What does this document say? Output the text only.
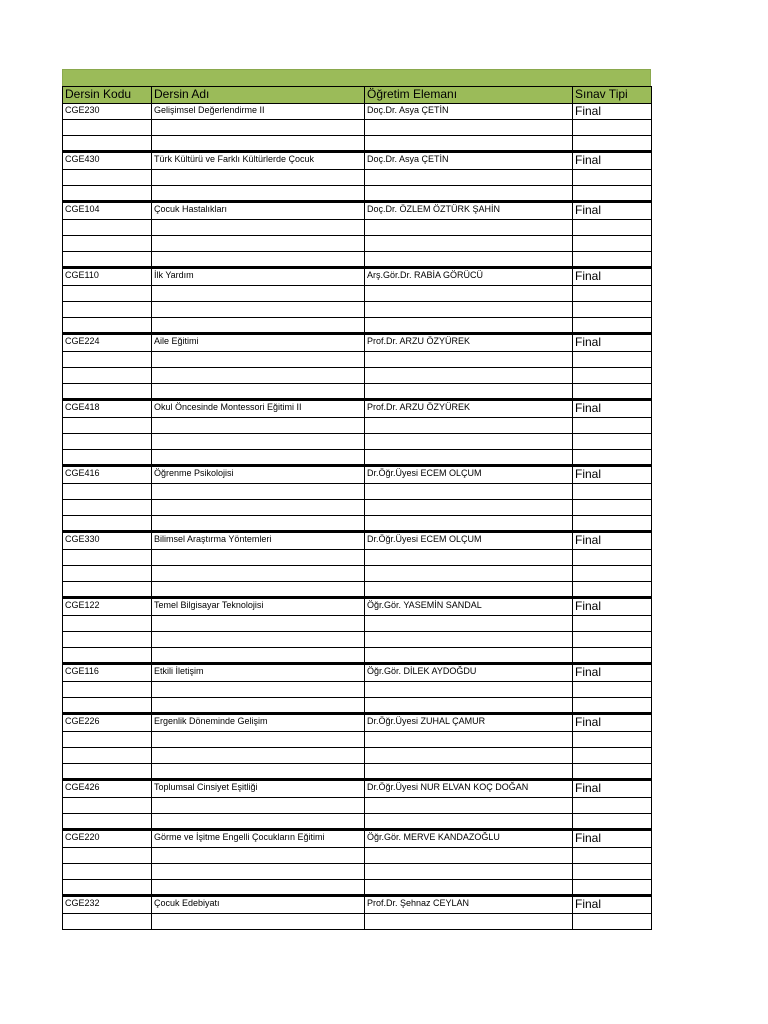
Dersin Kodu	Dersin Adı	Öğretim Elemanı	Sınav Tipi
CGE230	Gelişimsel Değerlendirme II	Doç.Dr. Asya ÇETİN	Final

CGE430	Türk Kültürü ve Farklı Kültürlerde Çocuk	Doç.Dr. Asya ÇETİN	Final

CGE104	Çocuk Hastalıkları	Doç.Dr. ÖZLEM ÖZTÜRK ŞAHİN	Final

CGE110	İlk Yardım	Arş.Gör.Dr. RABİA GÖRÜCÜ	Final

CGE224	Aile Eğitimi	Prof.Dr. ARZU ÖZYÜREK	Final

CGE418	Okul Öncesinde Montessori Eğitimi II	Prof.Dr. ARZU ÖZYÜREK	Final

CGE416	Öğrenme Psikolojisi	Dr.Öğr.Üyesi ECEM OLÇUM	Final

CGE330	Bilimsel Araştırma Yöntemleri	Dr.Öğr.Üyesi ECEM OLÇUM	Final

CGE122	Temel Bilgisayar Teknolojisi	Öğr.Gör. YASEMİN SANDAL	Final

CGE116	Etkili İletişim	Öğr.Gör. DİLEK AYDOĞDU	Final

CGE226	Ergenlik Döneminde Gelişim	Dr.Öğr.Üyesi ZUHAL ÇAMUR	Final

CGE426	Toplumsal Cinsiyet Eşitliği	Dr.Öğr.Üyesi NUR ELVAN KOÇ DOĞAN	Final

CGE220	Görme ve İşitme Engelli Çocukların Eğitimi	Öğr.Gör. MERVE KANDAZOĞLU	Final

CGE232	Çocuk Edebiyatı	Prof.Dr. Şehnaz CEYLAN	Final
